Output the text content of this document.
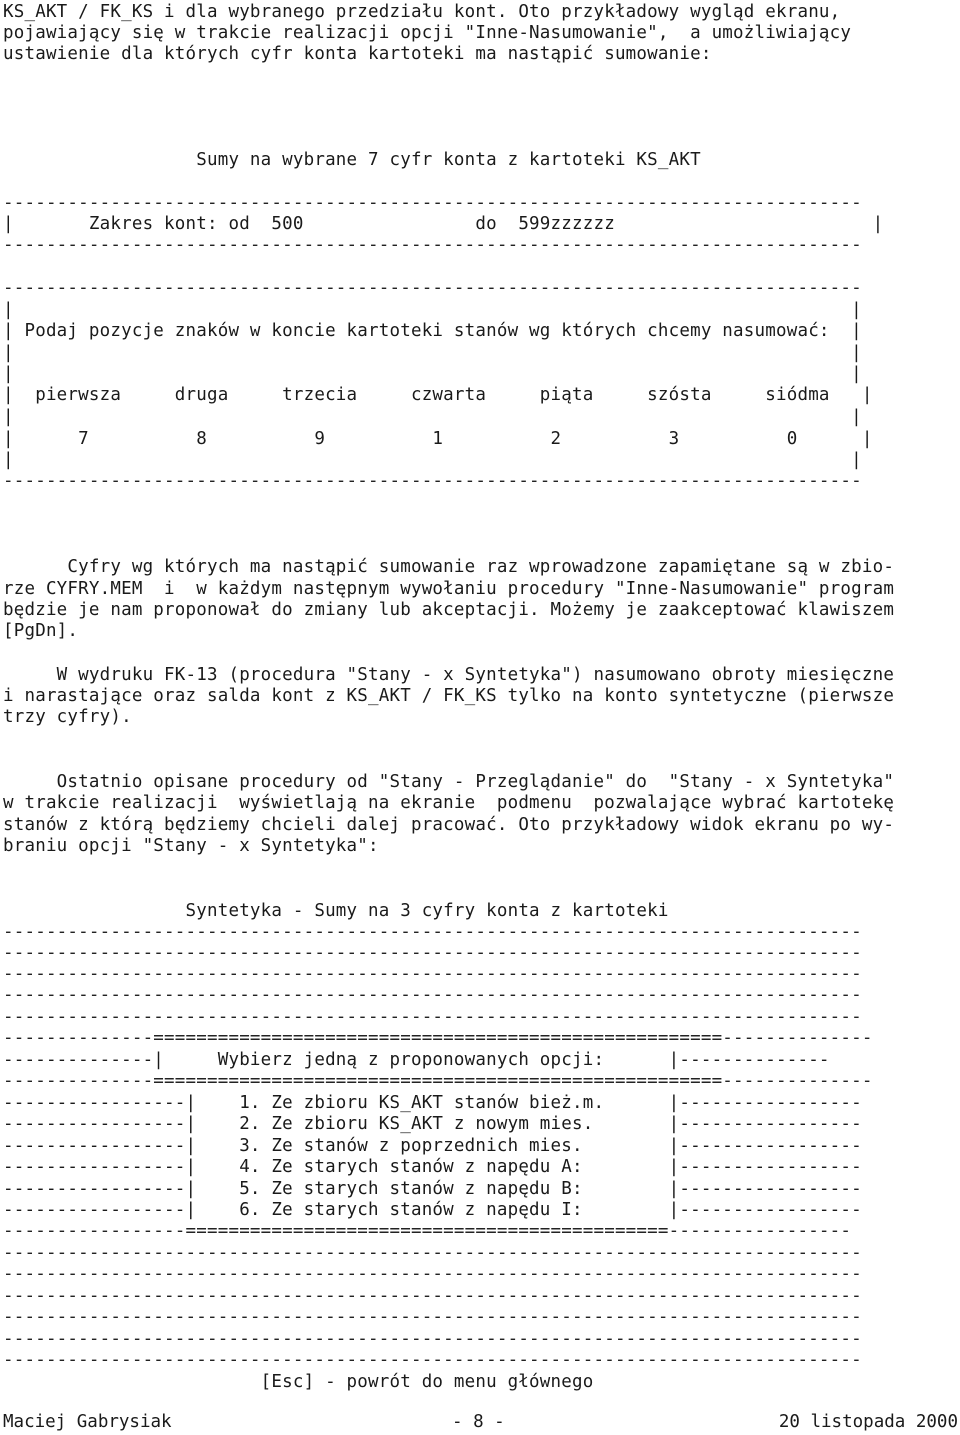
KS_AKT / FK_KS i dla wybranego przedziału kont. Oto przykładowy wygląd ekranu,
pojawiający się w trakcie realizacji opcji "Inne-Nasumowanie",  a umożliwiający
ustawienie dla których cyfr konta kartoteki ma nastąpić sumowanie:
Sumy na wybrane 7 cyfr konta z kartoteki KS_AKT
--------------------------------------------------------------------------------
|       Zakres kont: od  500                do  599zzzzzz                        |
--------------------------------------------------------------------------------
--------------------------------------------------------------------------------
|                                                                              |
| Podaj pozycje znaków w koncie kartoteki stanów wg których chcemy nasumować:  |
|                                                                              |
|                                                                              |
|  pierwsza     druga     trzecia     czwarta     piąta     szósta     siódma   |
|                                                                              |
|      7          8          9          1          2          3          0      |
|                                                                              |
--------------------------------------------------------------------------------
Cyfry wg których ma nastąpić sumowanie raz wprowadzone zapamiętane są w zbio-
rze CYFRY.MEM  i  w każdym następnym wywołaniu procedury "Inne-Nasumowanie" program
będzie je nam proponował do zmiany lub akceptacji. Możemy je zaakceptować klawiszem
[PgDn].
W wydruku FK-13 (procedura "Stany - x Syntetyka") nasumowano obroty miesięczne
i narastające oraz salda kont z KS_AKT / FK_KS tylko na konto syntetyczne (pierwsze
trzy cyfry).
Ostatnio opisane procedury od "Stany - Przeglądanie" do  "Stany - x Syntetyka"
w trakcie realizacji  wyświetlają na ekranie  podmenu  pozwalające wybrać kartotekę
stanów z którą będziemy chcieli dalej pracować. Oto przykładowy widok ekranu po wy-
braniu opcji "Stany - x Syntetyka":
Syntetyka - Sumy na 3 cyfry konta z kartoteki
--------------------------------------------------------------------------------
--------------------------------------------------------------------------------
--------------------------------------------------------------------------------
--------------------------------------------------------------------------------
--------------------------------------------------------------------------------
--------------=====================================================--------------
--------------|     Wybierz jedną z proponowanych opcji:      |--------------
--------------=====================================================--------------
-----------------|    1. Ze zbioru KS_AKT stanów bież.m.      |-----------------
-----------------|    2. Ze zbioru KS_AKT z nowym mies.       |-----------------
-----------------|    3. Ze stanów z poprzednich mies.        |-----------------
-----------------|    4. Ze starych stanów z napędu A:        |-----------------
-----------------|    5. Ze starych stanów z napędu B:        |-----------------
-----------------|    6. Ze starych stanów z napędu I:        |-----------------
-----------------=============================================-----------------
--------------------------------------------------------------------------------
--------------------------------------------------------------------------------
--------------------------------------------------------------------------------
--------------------------------------------------------------------------------
--------------------------------------------------------------------------------
--------------------------------------------------------------------------------
[Esc] - powrót do menu głównego
Maciej Gabrysiak	- 8 -	20 listopada 2000
